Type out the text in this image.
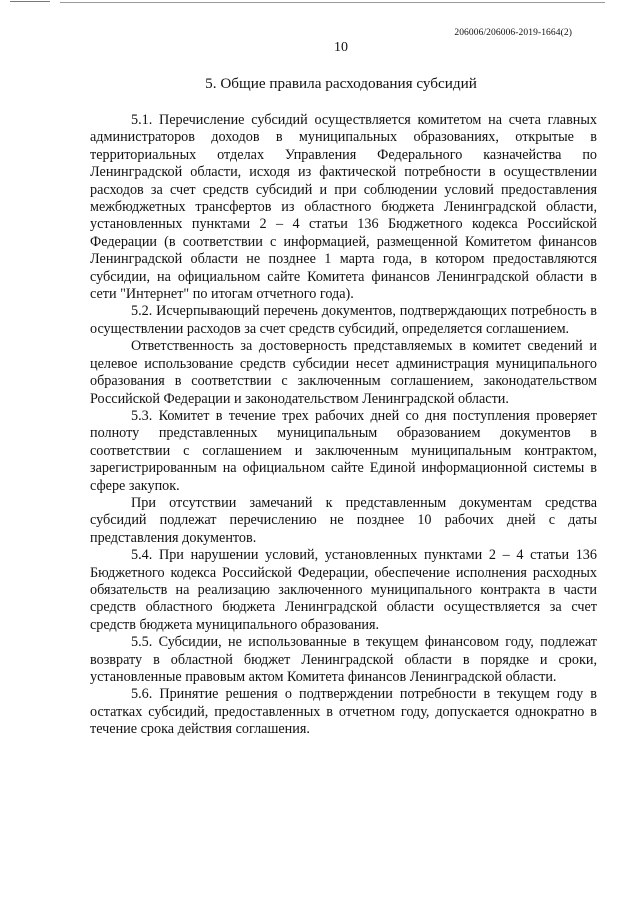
206006/206006-2019-1664(2)
10
5. Общие правила расходования субсидий

5.1. Перечисление субсидий осуществляется комитетом на счета главных администраторов доходов в муниципальных образованиях, открытые в территориальных отделах Управления Федерального казначейства по Ленинградской области, исходя из фактической потребности в осуществлении расходов за счет средств субсидий и при соблюдении условий предоставления межбюджетных трансфертов из областного бюджета Ленинградской области, установленных пунктами 2 – 4 статьи 136 Бюджетного кодекса Российской Федерации (в соответствии с информацией, размещенной Комитетом финансов Ленинградской области не позднее 1 марта года, в котором предоставляются субсидии, на официальном сайте Комитета финансов Ленинградской области в сети "Интернет" по итогам отчетного года).

5.2. Исчерпывающий перечень документов, подтверждающих потребность в осуществлении расходов за счет средств субсидий, определяется соглашением.

Ответственность за достоверность представляемых в комитет сведений и целевое использование средств субсидии несет администрация муниципального образования в соответствии с заключенным соглашением, законодательством Российской Федерации и законодательством Ленинградской области.

5.3. Комитет в течение трех рабочих дней со дня поступления проверяет полноту представленных муниципальным образованием документов в соответствии с соглашением и заключенным муниципальным контрактом, зарегистрированным на официальном сайте Единой информационной системы в сфере закупок.

При отсутствии замечаний к представленным документам средства субсидий подлежат перечислению не позднее 10 рабочих дней с даты представления документов.

5.4. При нарушении условий, установленных пунктами 2 – 4 статьи 136 Бюджетного кодекса Российской Федерации, обеспечение исполнения расходных обязательств на реализацию заключенного муниципального контракта в части средств областного бюджета Ленинградской области осуществляется за счет средств бюджета муниципального образования.

5.5. Субсидии, не использованные в текущем финансовом году, подлежат возврату в областной бюджет Ленинградской области в порядке и сроки, установленные правовым актом Комитета финансов Ленинградской области.

5.6. Принятие решения о подтверждении потребности в текущем году в остатках субсидий, предоставленных в отчетном году, допускается однократно в течение срока действия соглашения.
